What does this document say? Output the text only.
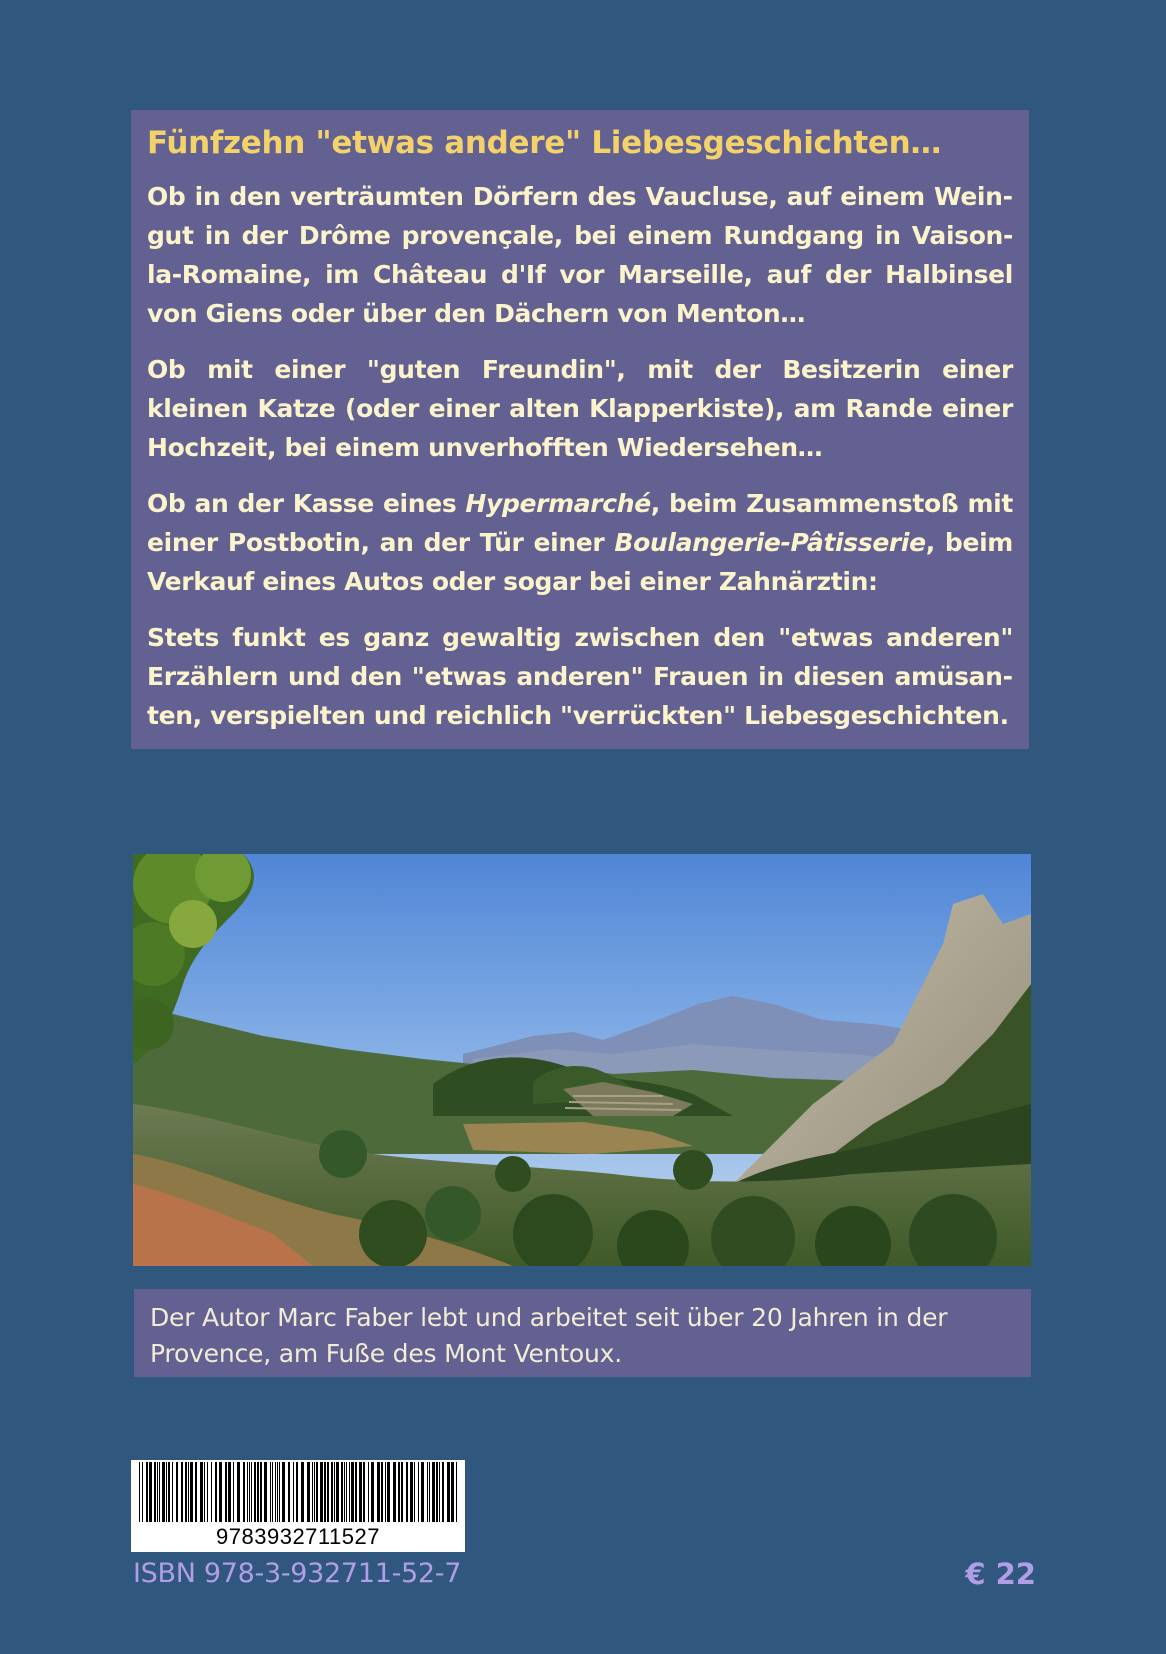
Fünfzehn "etwas andere" Liebesgeschichten…

Ob in den verträumten Dörfern des Vaucluse, auf einem Weingut in der Drôme provençale, bei einem Rundgang in Vaison-la-Romaine, im Château d'If vor Marseille, auf der Halbinsel von Giens oder über den Dächern von Menton…

Ob mit einer "guten Freundin", mit der Besitzerin einer kleinen Katze (oder einer alten Klapperkiste), am Rande einer Hochzeit, bei einem unverhofften Wiedersehen…

Ob an der Kasse eines Hypermarché, beim Zusammenstoß mit einer Postbotin, an der Tür einer Boulangerie-Pâtisserie, beim Verkauf eines Autos oder sogar bei einer Zahnärztin:

Stets funkt es ganz gewaltig zwischen den "etwas anderen" Erzählern und den "etwas anderen" Frauen in diesen amüsanten, verspielten und reichlich "verrückten" Liebesgeschichten.

Der Autor Marc Faber lebt und arbeitet seit über 20 Jahren in der Provence, am Fuße des Mont Ventoux.
9783932711527
ISBN 978-3-932711-52-7	€ 22
